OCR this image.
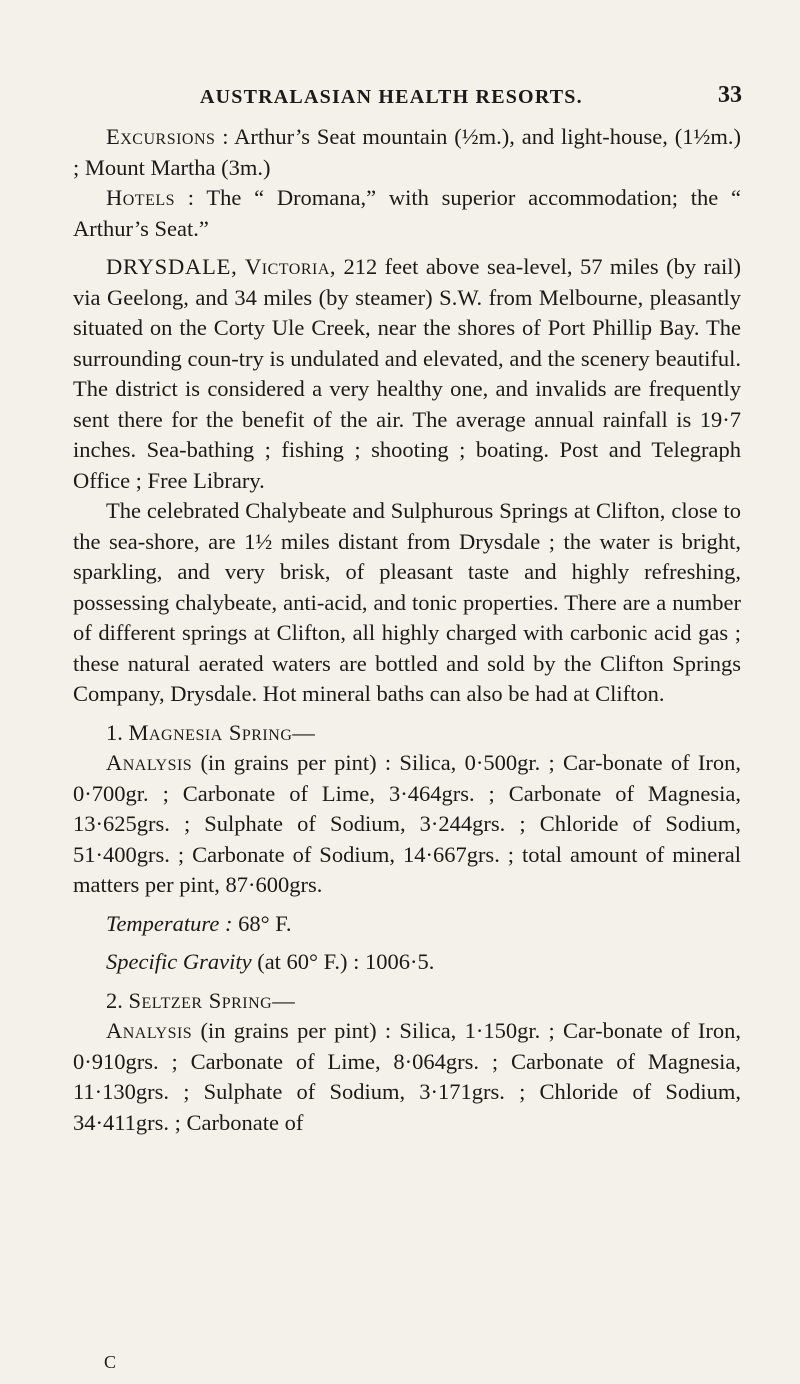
AUSTRALASIAN HEALTH RESORTS.	33

Excursions : Arthur’s Seat mountain (½m.), and light-house, (1½m.) ; Mount Martha (3m.)

Hotels : The “ Dromana,” with superior accommodation; the “ Arthur’s Seat.”

DRYSDALE, Victoria, 212 feet above sea-level, 57 miles (by rail) via Geelong, and 34 miles (by steamer) S.W. from Melbourne, pleasantly situated on the Corty Ule Creek, near the shores of Port Phillip Bay. The surrounding coun-try is undulated and elevated, and the scenery beautiful. The district is considered a very healthy one, and invalids are frequently sent there for the benefit of the air. The average annual rainfall is 19·7 inches. Sea-bathing ; fishing ; shooting ; boating. Post and Telegraph Office ; Free Library.

The celebrated Chalybeate and Sulphurous Springs at Clifton, close to the sea-shore, are 1½ miles distant from Drysdale ; the water is bright, sparkling, and very brisk, of pleasant taste and highly refreshing, possessing chalybeate, anti-acid, and tonic properties. There are a number of different springs at Clifton, all highly charged with carbonic acid gas ; these natural aerated waters are bottled and sold by the Clifton Springs Company, Drysdale. Hot mineral baths can also be had at Clifton.

1. Magnesia Spring—

Analysis (in grains per pint) : Silica, 0·500gr. ; Car-bonate of Iron, 0·700gr. ; Carbonate of Lime, 3·464grs. ; Carbonate of Magnesia, 13·625grs. ; Sulphate of Sodium, 3·244grs. ; Chloride of Sodium, 51·400grs. ; Carbonate of Sodium, 14·667grs. ; total amount of mineral matters per pint, 87·600grs.

Temperature : 68° F.

Specific Gravity (at 60° F.) : 1006·5.

2. Seltzer Spring—

Analysis (in grains per pint) : Silica, 1·150gr. ; Car-bonate of Iron, 0·910grs. ; Carbonate of Lime, 8·064grs. ; Carbonate of Magnesia, 11·130grs. ; Sulphate of Sodium, 3·171grs. ; Chloride of Sodium, 34·411grs. ; Carbonate of

C
